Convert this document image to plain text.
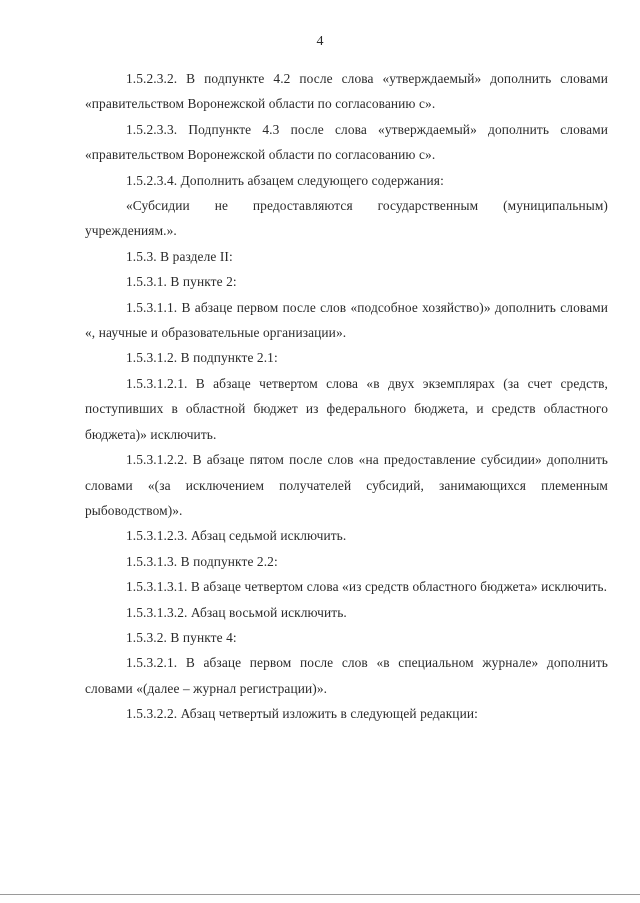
4

1.5.2.3.2. В подпункте 4.2 после слова «утверждаемый» дополнить словами «правительством Воронежской области по согласованию с».

1.5.2.3.3. Подпункте 4.3 после слова «утверждаемый» дополнить словами «правительством Воронежской области по согласованию с».

1.5.2.3.4. Дополнить абзацем следующего содержания:

«Субсидии не предоставляются государственным (муниципальным) учреждениям.».

1.5.3. В разделе II:

1.5.3.1. В пункте 2:

1.5.3.1.1. В абзаце первом после слов «подсобное хозяйство)» дополнить словами «, научные и образовательные организации».

1.5.3.1.2. В подпункте 2.1:

1.5.3.1.2.1. В абзаце четвертом слова «в двух экземплярах (за счет средств, поступивших в областной бюджет из федерального бюджета, и средств областного бюджета)» исключить.

1.5.3.1.2.2. В абзаце пятом после слов «на предоставление субсидии» дополнить словами «(за исключением получателей субсидий, занимающихся племенным рыбоводством)».

1.5.3.1.2.3. Абзац седьмой исключить.

1.5.3.1.3. В подпункте 2.2:

1.5.3.1.3.1. В абзаце четвертом слова «из средств областного бюджета» исключить.

1.5.3.1.3.2. Абзац восьмой исключить.

1.5.3.2. В пункте 4:

1.5.3.2.1. В абзаце первом после слов «в специальном журнале» дополнить словами «(далее – журнал регистрации)».

1.5.3.2.2. Абзац четвертый изложить в следующей редакции:
